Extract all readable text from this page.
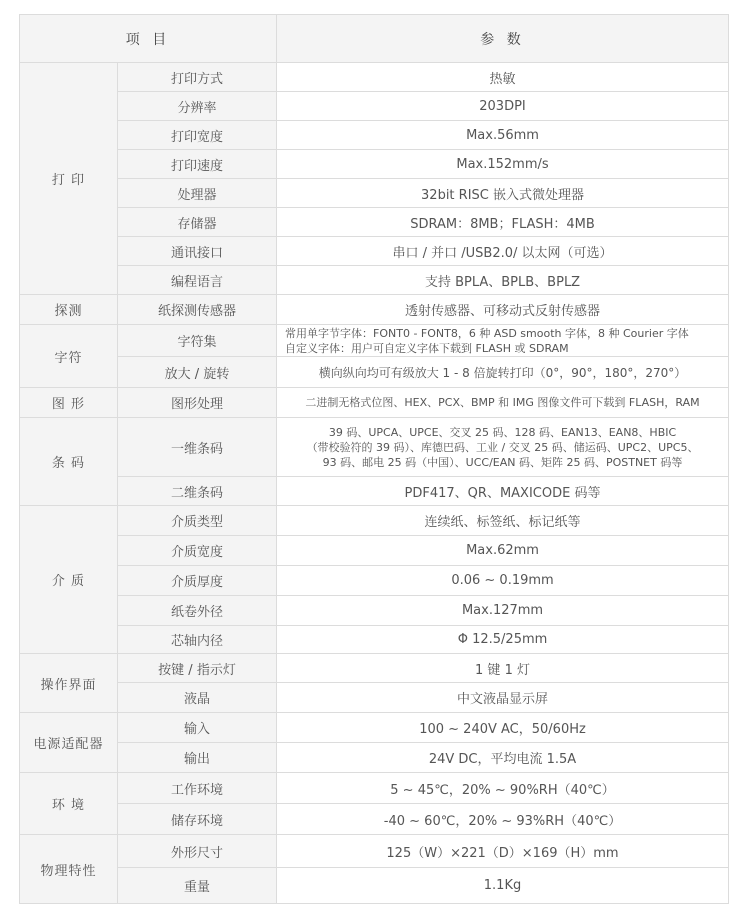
项 目		参 数
打 印	打印方式	热敏
	分辨率	203DPI
	打印宽度	Max.56mm
	打印速度	Max.152mm/s
	处理器	32bit RISC 嵌入式微处理器
	存储器	SDRAM：8MB；FLASH：4MB
	通讯接口	串口 / 并口 /USB2.0/ 以太网（可选）
	编程语言	支持 BPLA、BPLB、BPLZ
探测	纸探测传感器	透射传感器、可移动式反射传感器
字符	字符集	常用单字节字体：FONT0 - FONT8，6 种 ASD smooth 字体，8 种 Courier 字体
自定义字体：用户可自定义字体下载到 FLASH 或 SDRAM

	放大 / 旋转	横向纵向均可有级放大 1 - 8 倍旋转打印（0°，90°，180°，270°）
图 形	图形处理	二进制无格式位图、HEX、PCX、BMP 和 IMG 图像文件可下载到 FLASH，RAM
条 码	一维条码	39 码、UPCA、UPCE、交叉 25 码、128 码、EAN13、EAN8、HBIC
（带校验符的 39 码）、库德巴码、工业 / 交叉 25 码、储运码、UPC2、UPC5、
93 码、邮电 25 码（中国）、UCC/EAN 码、矩阵 25 码、POSTNET 码等

	二维条码	PDF417、QR、MAXICODE 码等
介 质	介质类型	连续纸、标签纸、标记纸等
	介质宽度	Max.62mm
	介质厚度	0.06 ~ 0.19mm
	纸卷外径	Max.127mm
	芯轴内径	Φ 12.5/25mm
操作界面	按键 / 指示灯	1 键 1 灯
	液晶	中文液晶显示屏
电源适配器	输入	100 ~ 240V AC，50/60Hz
	输出	24V DC，平均电流 1.5A
环 境	工作环境	5 ~ 45℃，20% ~ 90%RH（40℃）
	储存环境	-40 ~ 60℃，20% ~ 93%RH（40℃）
物理特性	外形尺寸	125（W）×221（D）×169（H）mm
	重量	1.1Kg
